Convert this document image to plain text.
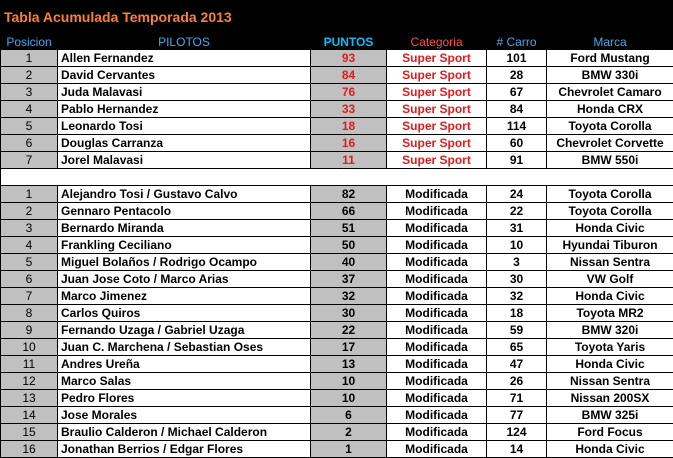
Tabla Acumulada Temporada 2013
Posicion	PILOTOS	PUNTOS	Categoria	# Carro	Marca
1	Allen Fernandez	93	Super Sport	101	Ford Mustang
2	David Cervantes	84	Super Sport	28	BMW 330i
3	Juda Malavasi	76	Super Sport	67	Chevrolet Camaro
4	Pablo Hernandez	33	Super Sport	84	Honda CRX
5	Leonardo Tosi	18	Super Sport	114	Toyota Corolla
6	Douglas Carranza	16	Super Sport	60	Chevrolet Corvette
7	Jorel Malavasi	11	Super Sport	91	BMW 550i

1	Alejandro Tosi / Gustavo Calvo	82	Modificada	24	Toyota Corolla
2	Gennaro Pentacolo	66	Modificada	22	Toyota Corolla
3	Bernardo Miranda	51	Modificada	31	Honda Civic
4	Frankling Ceciliano	50	Modificada	10	Hyundai Tiburon
5	Miguel Bolaños / Rodrigo Ocampo	40	Modificada	3	Nissan Sentra
6	Juan Jose Coto / Marco Arias	37	Modificada	30	VW Golf
7	Marco Jimenez	32	Modificada	32	Honda Civic
8	Carlos Quiros	30	Modificada	18	Toyota MR2
9	Fernando Uzaga / Gabriel Uzaga	22	Modificada	59	BMW 320i
10	Juan C. Marchena / Sebastian Oses	17	Modificada	65	Toyota Yaris
11	Andres Ureña	13	Modificada	47	Honda Civic
12	Marco Salas	10	Modificada	26	Nissan Sentra
13	Pedro Flores	10	Modificada	71	Nissan 200SX
14	Jose Morales	6	Modificada	77	BMW 325i
15	Braulio Calderon / Michael Calderon	2	Modificada	124	Ford Focus
16	Jonathan Berrios / Edgar Flores	1	Modificada	14	Honda Civic
